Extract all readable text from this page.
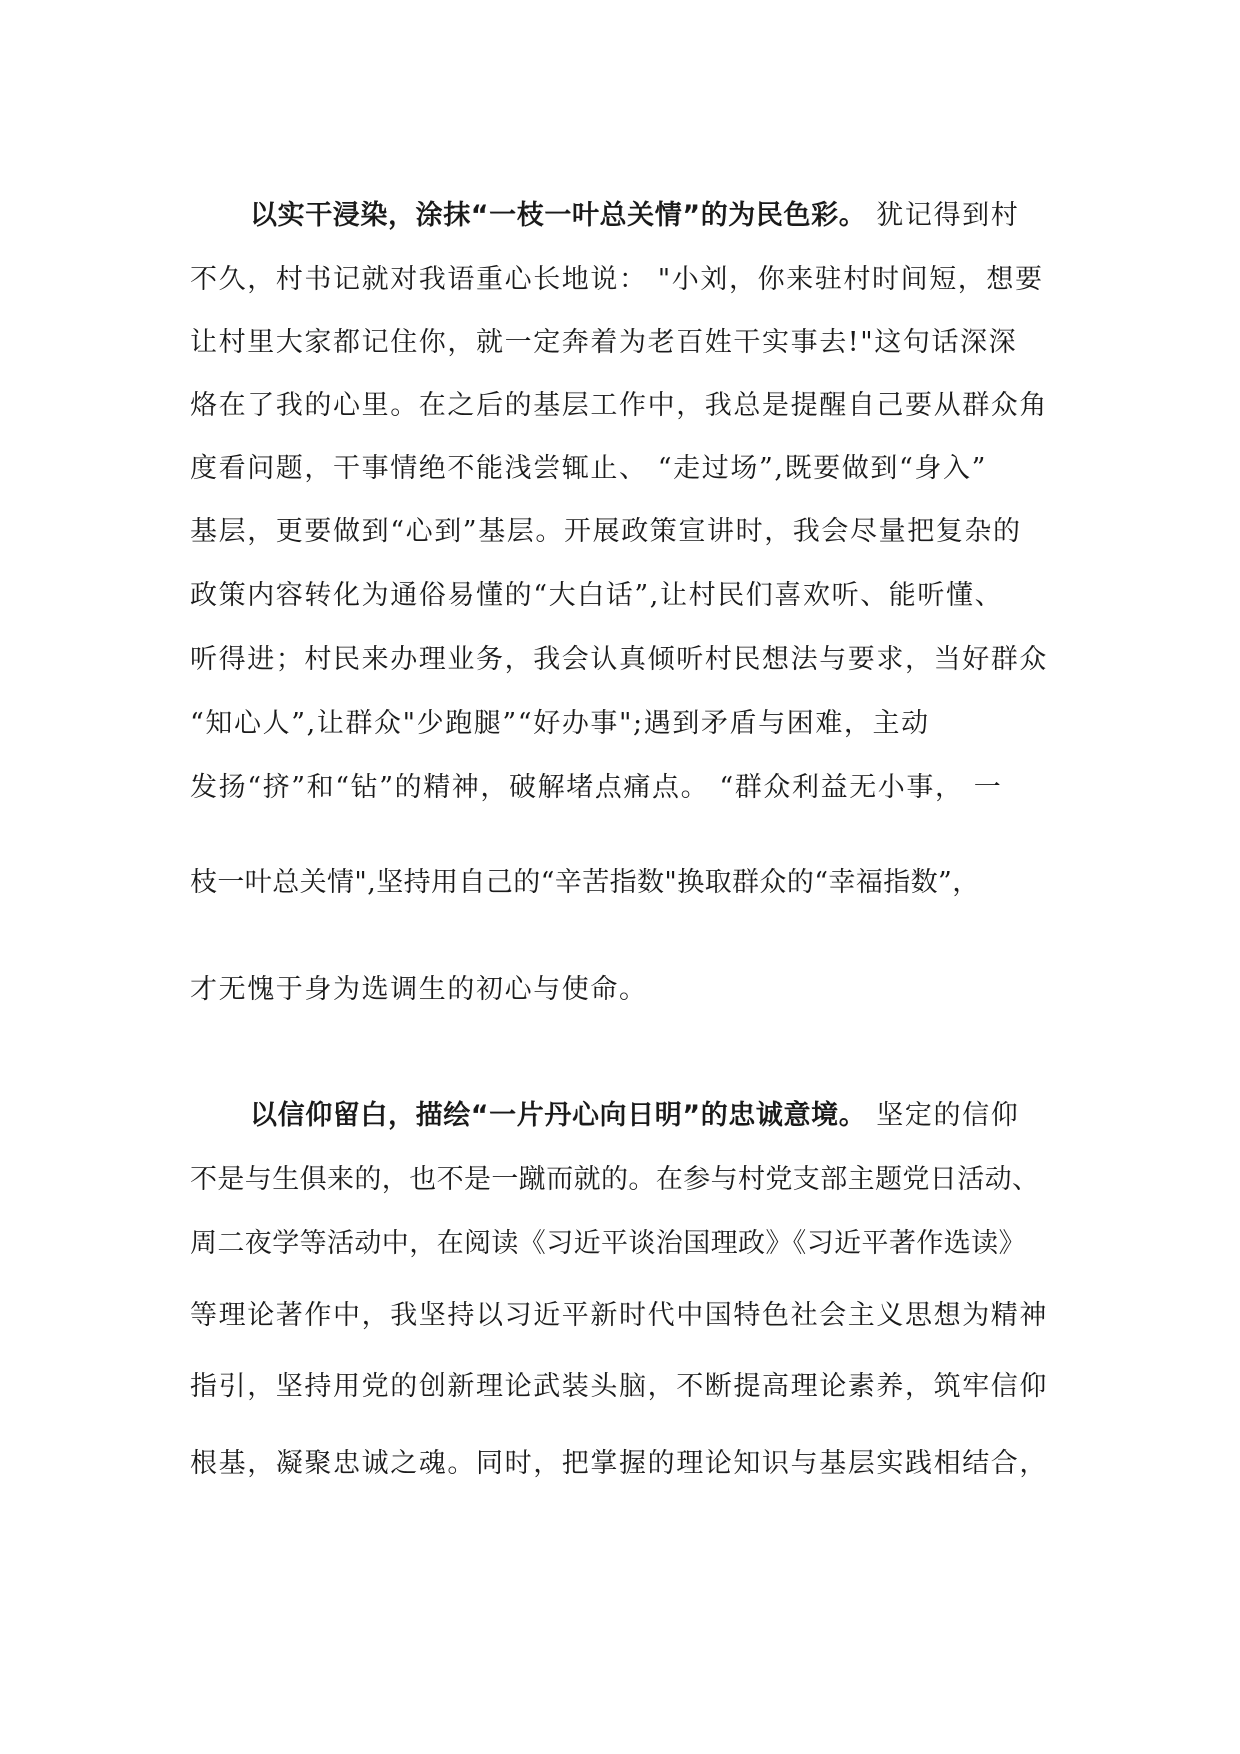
以实干浸染，涂抹“一枝一叶总关情”的为民色彩。 犹记得到村
不久，村书记就对我语重心长地说： "小刘，你来驻村时间短，想要
让村里大家都记住你，就一定奔着为老百姓干实事去!"这句话深深
烙在了我的心里。在之后的基层工作中，我总是提醒自己要从群众角
度看问题，干事情绝不能浅尝辄止、 “走过场”,既要做到“身入”
基层，更要做到“心到”基层。开展政策宣讲时，我会尽量把复杂的
政策内容转化为通俗易懂的“大白话”,让村民们喜欢听、能听懂、
听得进；村民来办理业务，我会认真倾听村民想法与要求，当好群众
“知心人”,让群众"少跑腿”“好办事";遇到矛盾与困难，主动
发扬“挤”和“钻”的精神，破解堵点痛点。 “群众利益无小事， 一
枝一叶总关情",坚持用自己的“辛苦指数"换取群众的“幸福指数”，
才无愧于身为选调生的初心与使命。
以信仰留白，描绘“一片丹心向日明”的忠诚意境。 坚定的信仰
不是与生俱来的，也不是一蹴而就的。在参与村党支部主题党日活动、
周二夜学等活动中，在阅读《习近平谈治国理政》《习近平著作选读》
等理论著作中，我坚持以习近平新时代中国特色社会主义思想为精神
指引，坚持用党的创新理论武装头脑，不断提高理论素养，筑牢信仰
根基，凝聚忠诚之魂。同时，把掌握的理论知识与基层实践相结合，
